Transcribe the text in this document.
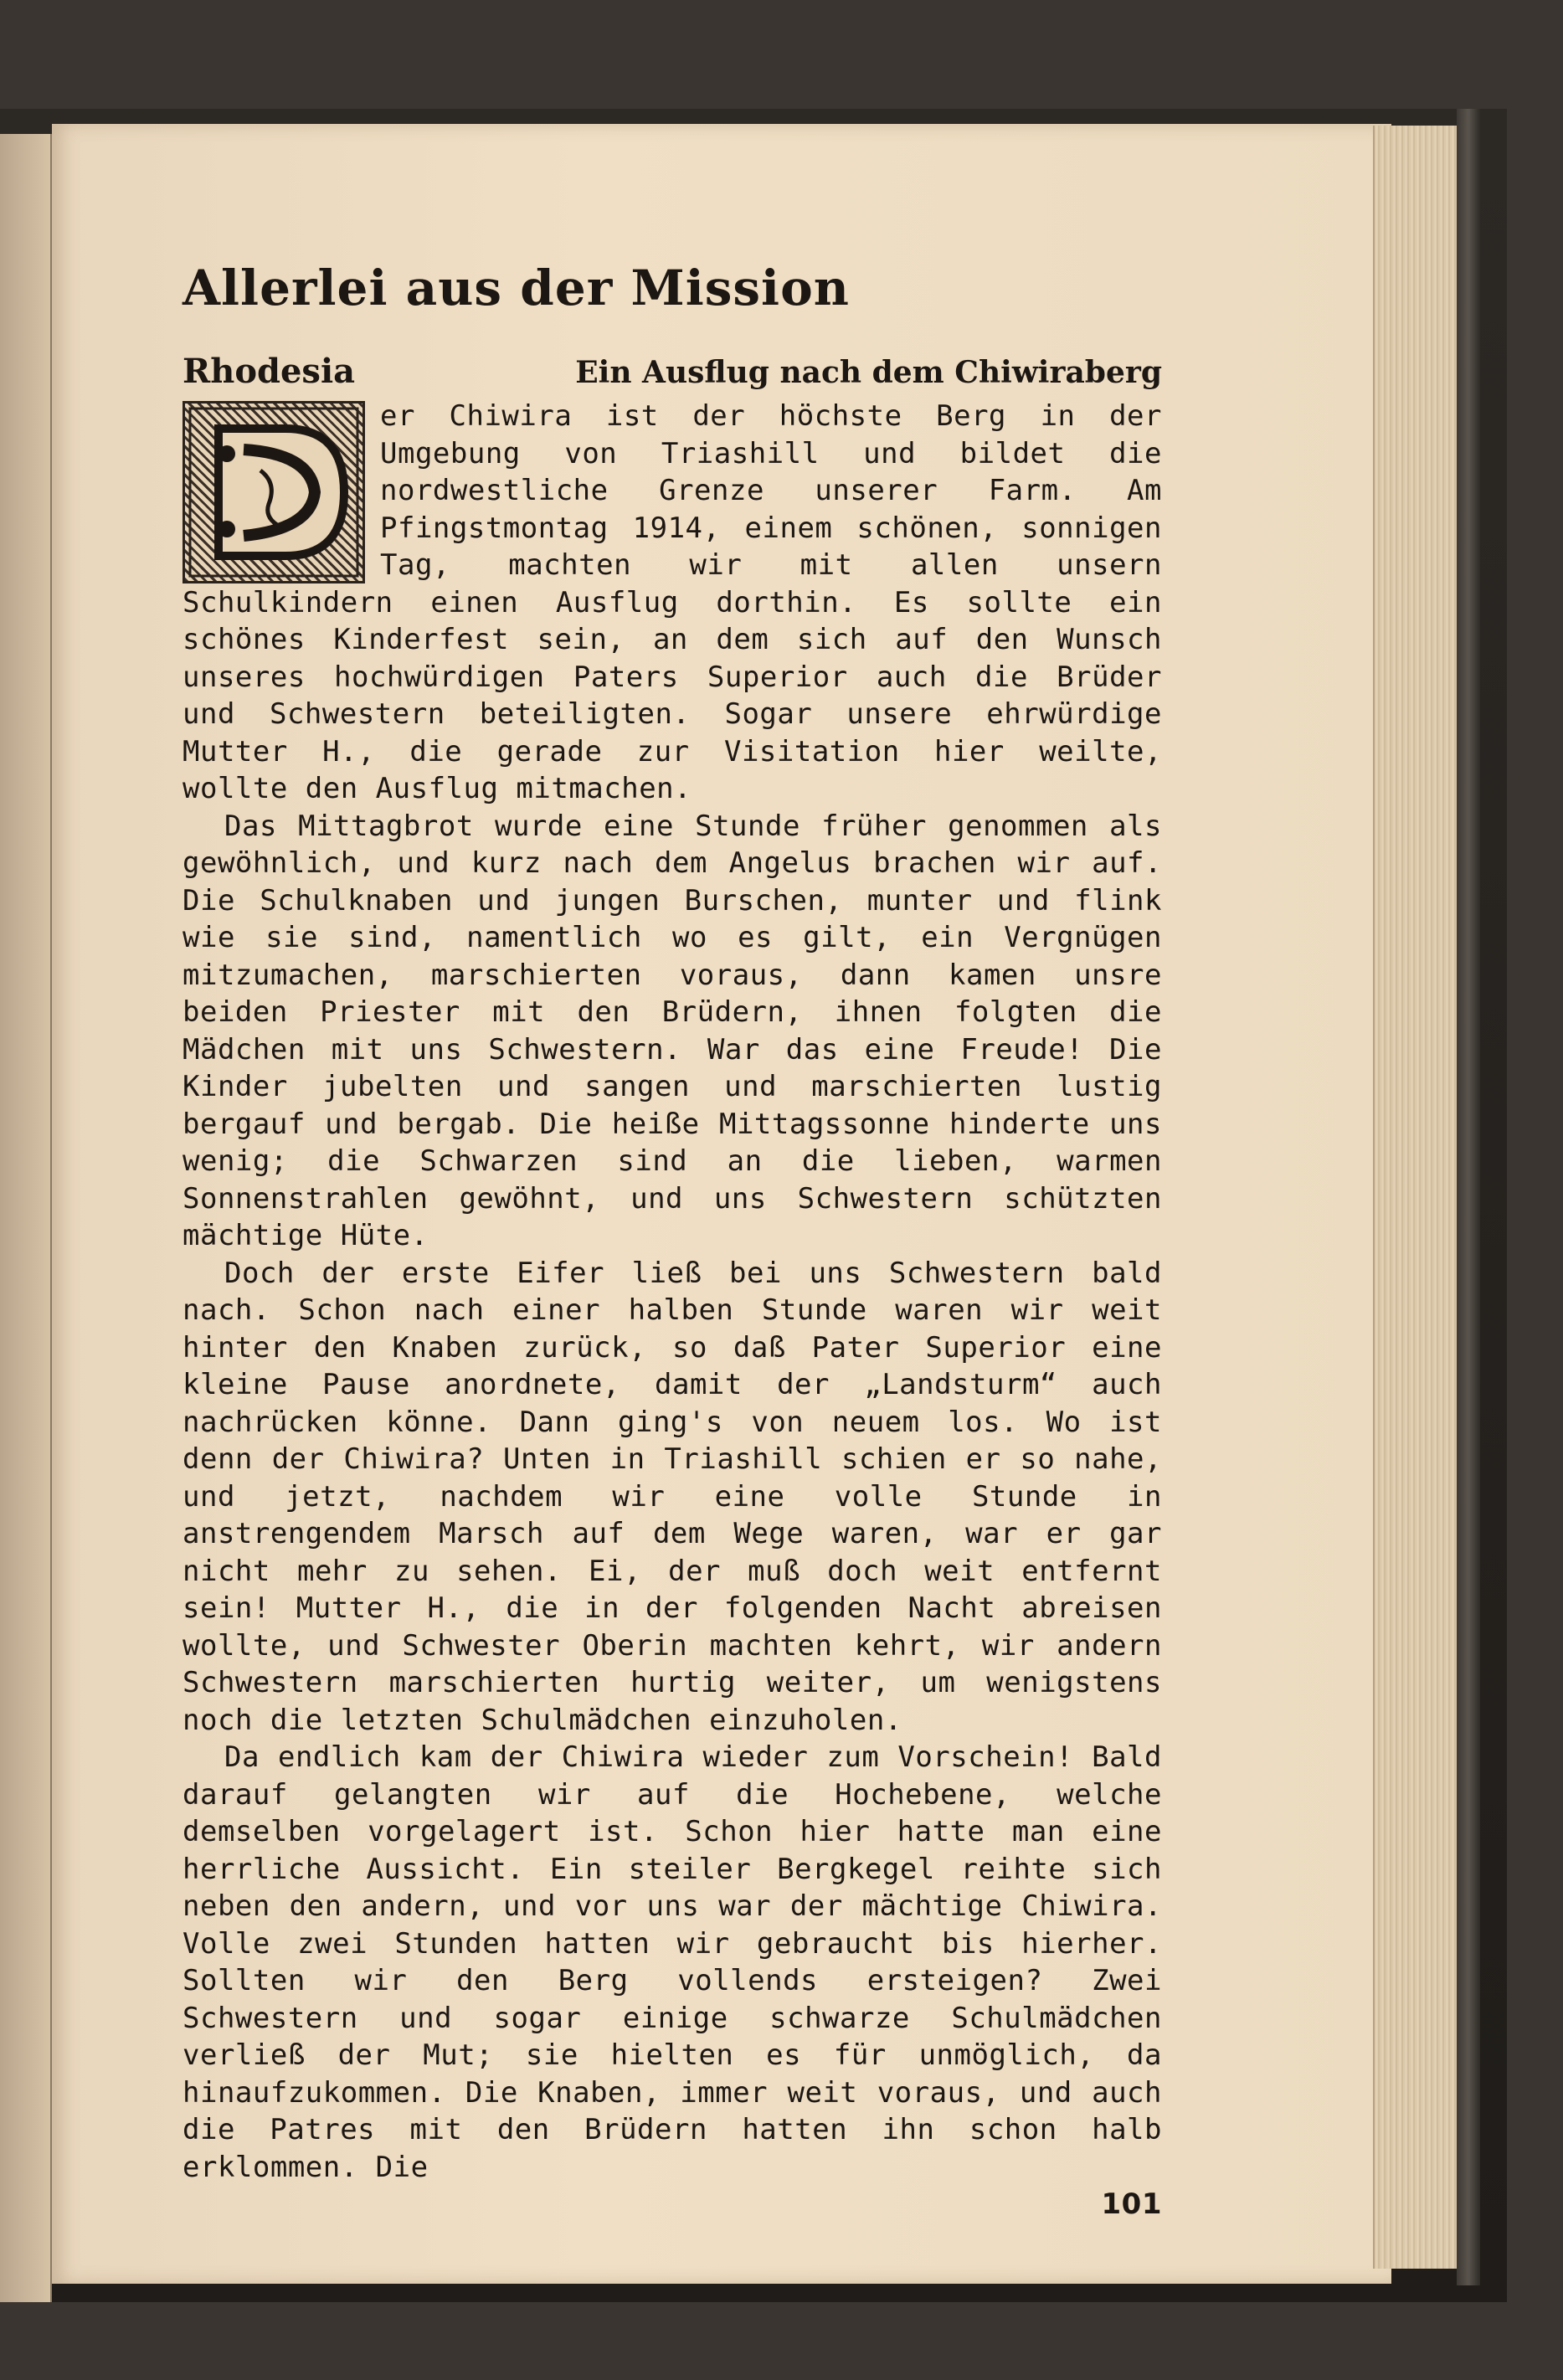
Allerlei aus der Mission
Rhodesia	Ein Ausflug nach dem Chiwiraberg

er Chiwira ist der höchste Berg in der Umgebung von Triashill und bildet die nordwestliche Grenze unserer Farm. Am Pfingstmontag 1914, einem schönen, sonnigen Tag, machten wir mit allen unsern Schulkindern einen Ausflug dorthin. Es sollte ein schönes Kinderfest sein, an dem sich auf den Wunsch unseres hochwürdigen Paters Superior auch die Brüder und Schwestern beteiligten. Sogar unsere ehrwürdige Mutter H., die gerade zur Visitation hier weilte, wollte den Ausflug mitmachen.

Das Mittagbrot wurde eine Stunde früher genommen als gewöhnlich, und kurz nach dem Angelus brachen wir auf. Die Schulknaben und jungen Burschen, munter und flink wie sie sind, namentlich wo es gilt, ein Vergnügen mitzumachen, marschierten voraus, dann kamen unsre beiden Priester mit den Brüdern, ihnen folgten die Mädchen mit uns Schwestern. War das eine Freude! Die Kinder jubelten und sangen und marschierten lustig bergauf und bergab. Die heiße Mittagssonne hinderte uns wenig; die Schwarzen sind an die lieben, warmen Sonnenstrahlen gewöhnt, und uns Schwestern schützten mächtige Hüte.

Doch der erste Eifer ließ bei uns Schwestern bald nach. Schon nach einer halben Stunde waren wir weit hinter den Knaben zurück, so daß Pater Superior eine kleine Pause anordnete, damit der „Landsturm“ auch nachrücken könne. Dann ging's von neuem los. Wo ist denn der Chiwira? Unten in Triashill schien er so nahe, und jetzt, nachdem wir eine volle Stunde in anstrengendem Marsch auf dem Wege waren, war er gar nicht mehr zu sehen. Ei, der muß doch weit entfernt sein! Mutter H., die in der folgenden Nacht abreisen wollte, und Schwester Oberin machten kehrt, wir andern Schwestern marschierten hurtig weiter, um wenigstens noch die letzten Schulmädchen einzuholen.

Da endlich kam der Chiwira wieder zum Vorschein! Bald darauf gelangten wir auf die Hochebene, welche demselben vorgelagert ist. Schon hier hatte man eine herrliche Aussicht. Ein steiler Bergkegel reihte sich neben den andern, und vor uns war der mächtige Chiwira. Volle zwei Stunden hatten wir gebraucht bis hierher. Sollten wir den Berg vollends ersteigen? Zwei Schwestern und sogar einige schwarze Schulmädchen verließ der Mut; sie hielten es für unmöglich, da hinaufzukommen. Die Knaben, immer weit voraus, und auch die Patres mit den Brüdern hatten ihn schon halb erklommen. Die

101
